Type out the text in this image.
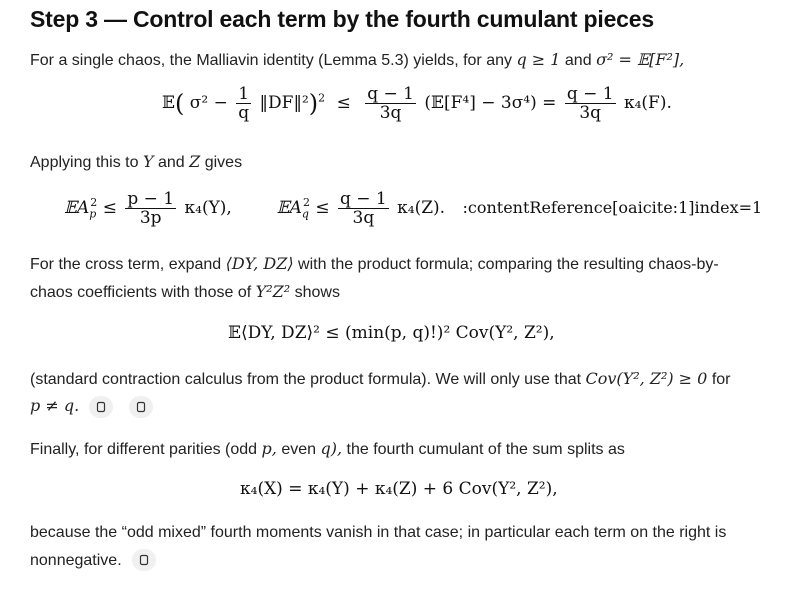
Step 3 — Control each term by the fourth cumulant pieces
For a single chaos, the Malliavin identity (Lemma 5.3) yields, for any q ≥ 1 and σ² = 𝔼[F²],
𝔼( $\sigma^2 - \frac{1}{q}$ ‖DF‖²)$^2$ ≤ $\frac{q - 1}{3q}$ (𝔼[F⁴] − $3\sigma^4) = \frac{q - 1}{3q} \kappa_4(F)$.
Applying this to Y and Z gives
𝔼A$_p^2$ ≤ $\frac{p - 1}{3p} \kappa_4(Y)$,	𝔼A$_q^2$ ≤ $\frac{q - 1}{3q} \kappa_4(Z)$. :contentReference[oaicite:1]index=1
For the cross term, expand ⟨DY, DZ⟩ with the product formula; comparing the resulting chaos-by-
chaos coefficients with those of Y²Z² shows
𝔼⟨DY, DZ⟩² ≤ (min(p, q)!)² Cov(Y², Z²),
(standard contraction calculus from the product formula). We will only use that Cov(Y², Z²) ≥ 0 for
p ≠ q.
Finally, for different parities (odd p, even q), the fourth cumulant of the sum splits as
κ₄(X) = κ₄(Y) + κ₄(Z) + 6 Cov(Y², Z²),
because the “odd mixed” fourth moments vanish in that case; in particular each term on the right is
nonnegative.
